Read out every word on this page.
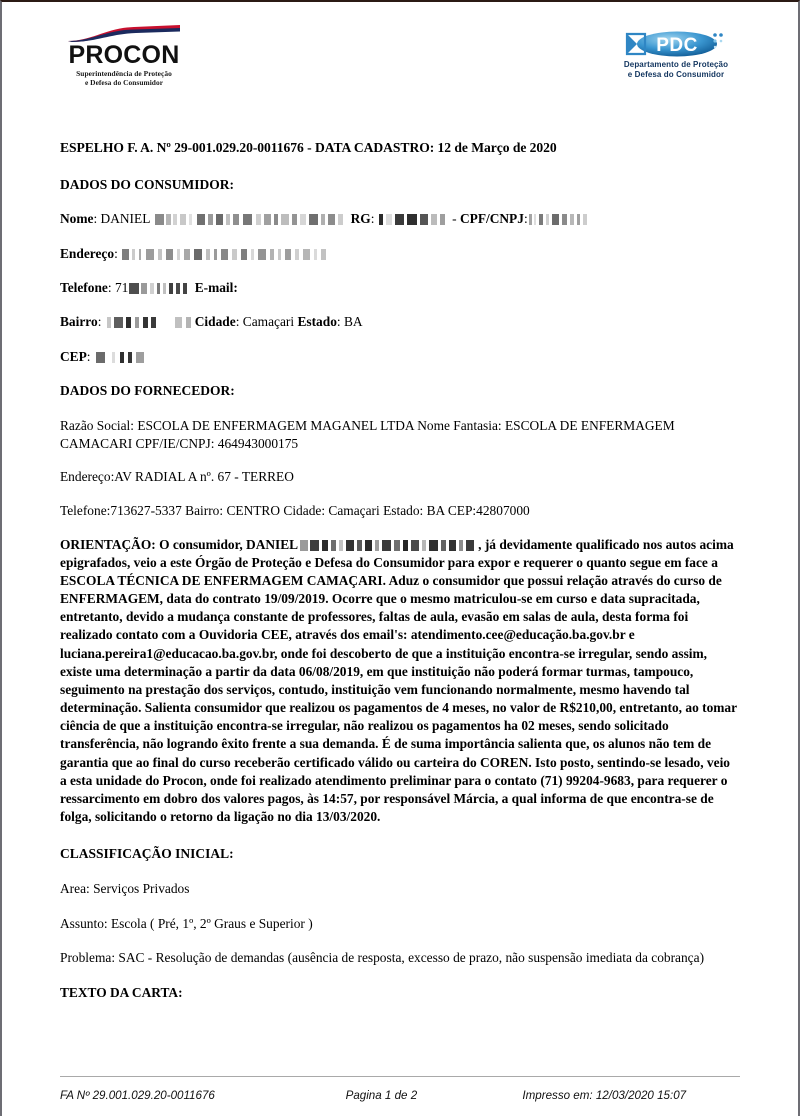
PROCON
Superintendência de Proteção
e Defesa do Consumidor
PDC
Departamento de Proteção
e Defesa do Consumidor
ESPELHO F. A. Nº 29-001.029.20-0011676 - DATA CADASTRO: 12 de Março de 2020
DADOS DO CONSUMIDOR:
Nome: DANIEL	RG:	- CPF/CNPJ:
Endereço:
Telefone: 71	E-mail:
Bairro:	Cidade: Camaçari Estado: BA
CEP:
DADOS DO FORNECEDOR:
Razão Social: ESCOLA DE ENFERMAGEM MAGANEL LTDA Nome Fantasia: ESCOLA DE ENFERMAGEM CAMACARI CPF/IE/CNPJ: 464943000175
Endereço:AV RADIAL A nº. 67 - TERREO
Telefone:713627-5337 Bairro: CENTRO Cidade: Camaçari Estado: BA CEP:42807000
ORIENTAÇÃO: O consumidor, DANIEL	, já devidamente qualificado nos autos acima epigrafados, veio a este Órgão de Proteção e Defesa do Consumidor para expor e requerer o quanto segue em face a ESCOLA TÉCNICA DE ENFERMAGEM CAMAÇARI. Aduz o consumidor que possui relação através do curso de ENFERMAGEM, data do contrato 19/09/2019. Ocorre que o mesmo matriculou-se em curso e data supracitada, entretanto, devido a mudança constante de professores, faltas de aula, evasão em salas de aula, desta forma foi realizado contato com a Ouvidoria CEE, através dos email's: atendimento.cee@educação.ba.gov.br e luciana.pereira1@educacao.ba.gov.br, onde foi descoberto de que a instituição encontra-se irregular, sendo assim, existe uma determinação a partir da data 06/08/2019, em que instituição não poderá formar turmas, tampouco, seguimento na prestação dos serviços, contudo, instituição vem funcionando normalmente, mesmo havendo tal determinação. Salienta consumidor que realizou os pagamentos de 4 meses, no valor de R$210,00, entretanto, ao tomar ciência de que a instituição encontra-se irregular, não realizou os pagamentos ha 02 meses, sendo solicitado transferência, não logrando êxito frente a sua demanda. É de suma importância salienta que, os alunos não tem de garantia que ao final do curso receberão certificado válido ou carteira do COREN. Isto posto, sentindo-se lesado, veio a esta unidade do Procon, onde foi realizado atendimento preliminar para o contato (71) 99204-9683, para requerer o ressarcimento em dobro dos valores pagos, às 14:57, por responsável Márcia, a qual informa de que encontra-se de folga, solicitando o retorno da ligação no dia 13/03/2020.
CLASSIFICAÇÃO INICIAL:
Area: Serviços Privados
Assunto: Escola ( Pré, 1º, 2º Graus e Superior )
Problema: SAC - Resolução de demandas (ausência de resposta, excesso de prazo, não suspensão imediata da cobrança)
TEXTO DA CARTA:
FA Nº 29.001.029.20-0011676	Pagina 1 de 2	Impresso em: 12/03/2020 15:07
